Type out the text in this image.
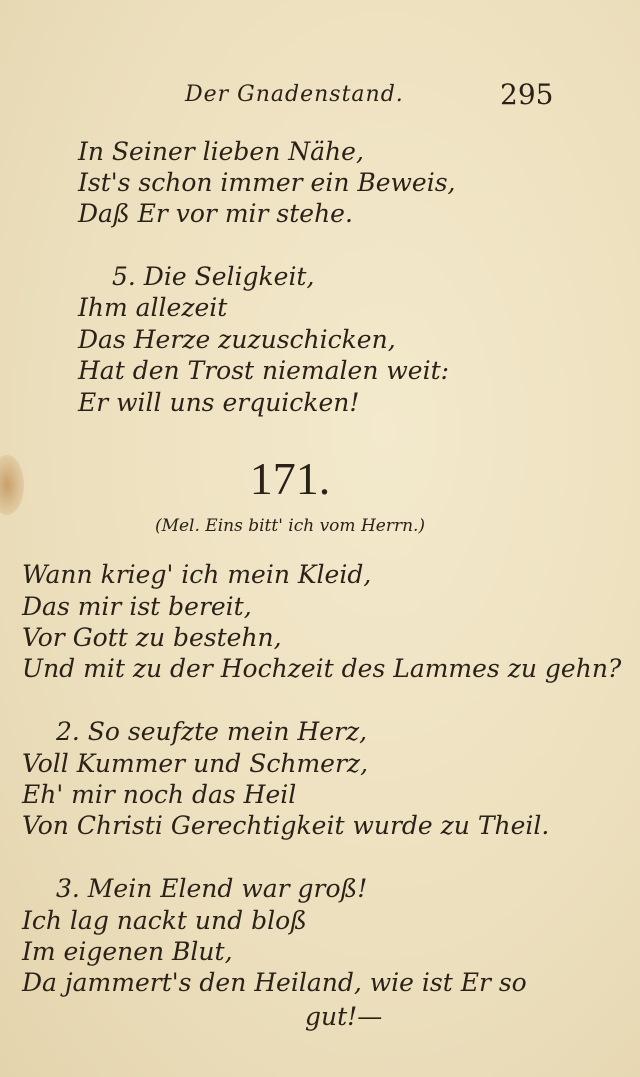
Der Gnadenstand.	295
In Seiner lieben Nähe,
Ist's schon immer ein Beweis,
Daß Er vor mir stehe.
5. Die Seligkeit,
Ihm allezeit
Das Herze zuzuschicken,
Hat den Trost niemalen weit:
Er will uns erquicken!
171.
(Mel. Eins bitt' ich vom Herrn.)
Wann krieg' ich mein Kleid,
Das mir ist bereit,
Vor Gott zu bestehn,
Und mit zu der Hochzeit des Lammes zu gehn?
2. So seufzte mein Herz,
Voll Kummer und Schmerz,
Eh' mir noch das Heil
Von Christi Gerechtigkeit wurde zu Theil.
3. Mein Elend war groß!
Ich lag nackt und bloß
Im eigenen Blut,
Da jammert's den Heiland, wie ist Er so
gut!—
